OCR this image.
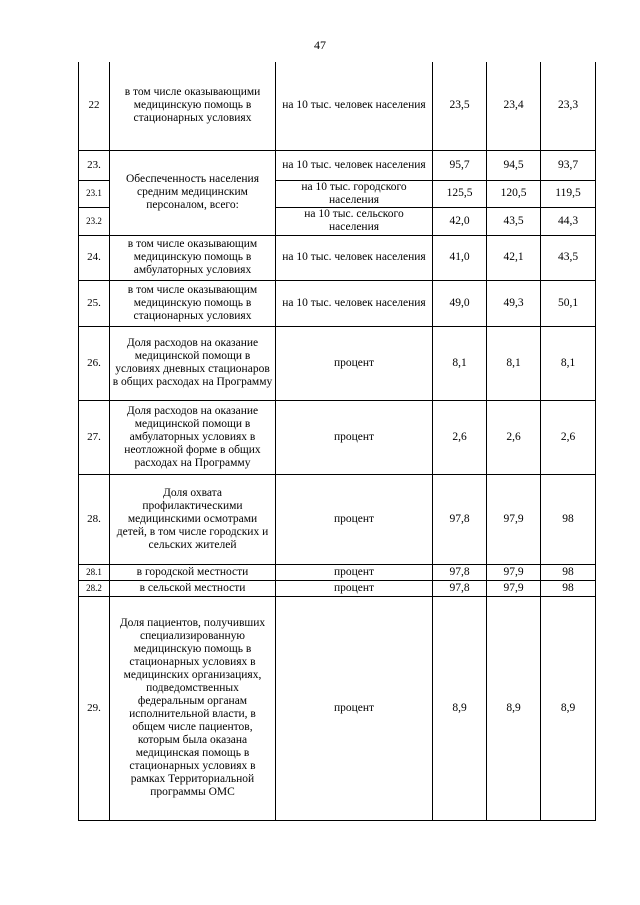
47
22	в том числе оказывающими медицинскую помощь в стационарных условиях	на 10 тыс. человек населения	23,5	23,4	23,3
23.	Обеспеченность населения средним медицинским персоналом, всего:	на 10 тыс. человек населения	95,7	94,5	93,7
23.1		на 10 тыс. городского населения	125,5	120,5	119,5
23.2		на 10 тыс. сельского населения	42,0	43,5	44,3
24.	в том числе оказывающим медицинскую помощь в амбулаторных условиях	на 10 тыс. человек населения	41,0	42,1	43,5
25.	в том числе оказывающим медицинскую помощь в стационарных условиях	на 10 тыс. человек населения	49,0	49,3	50,1
26.	Доля расходов на оказание медицинской помощи в условиях дневных стационаров в общих расходах на Программу	процент	8,1	8,1	8,1
27.	Доля расходов на оказание медицинской помощи в амбулаторных условиях в неотложной форме в общих расходах на Программу	процент	2,6	2,6	2,6
28.	Доля охвата профилактическими медицинскими осмотрами детей, в том числе городских и сельских жителей	процент	97,8	97,9	98
28.1	в городской местности	процент	97,8	97,9	98
28.2	в сельской местности	процент	97,8	97,9	98
29.	Доля пациентов, получивших специализированную медицинскую помощь в стационарных условиях в медицинских организациях, подведомственных федеральным органам исполнительной власти, в общем числе пациентов, которым была оказана медицинская помощь в стационарных условиях в рамках Территориальной программы ОМС	процент	8,9	8,9	8,9
